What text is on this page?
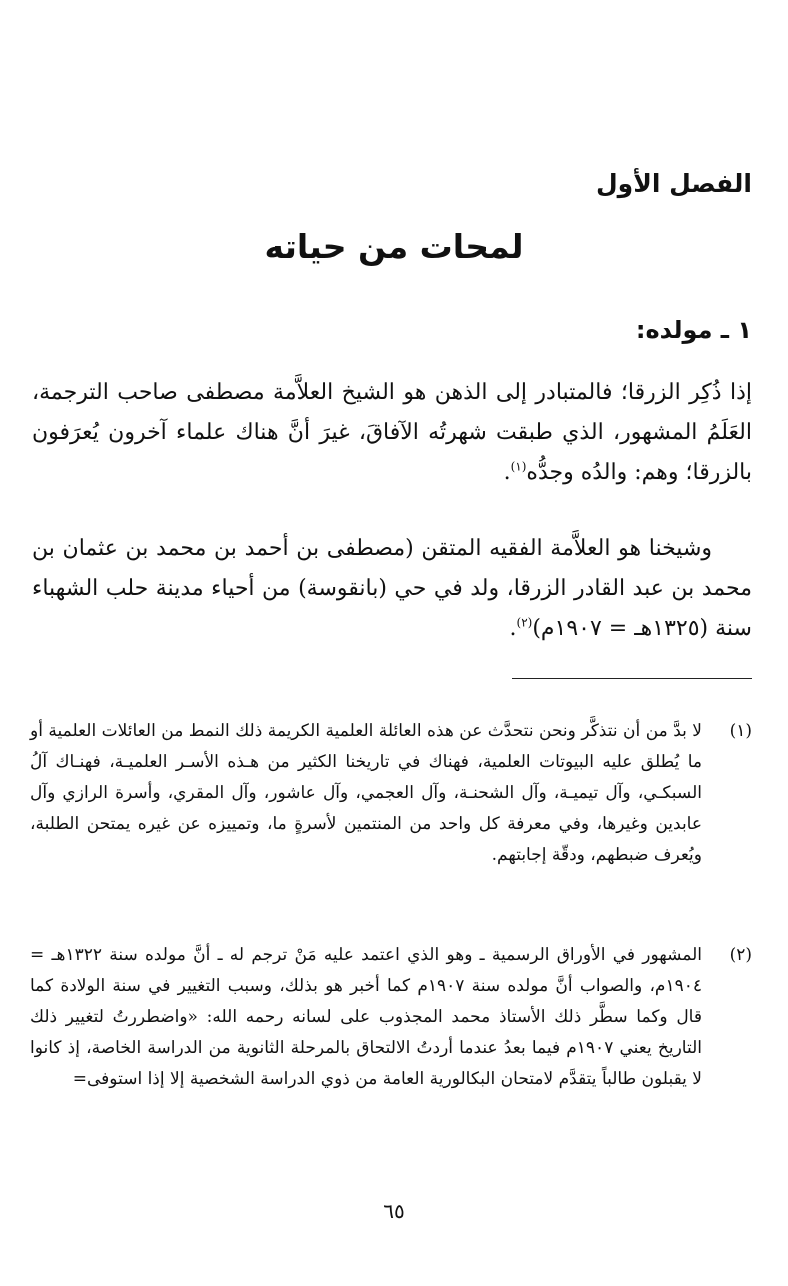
الفصل الأول
لمحات من حياته
١ ـ مولده:

إذا ذُكِر الزرقا؛ فالمتبادر إلى الذهن هو الشيخ العلاَّمة مصطفى صاحب الترجمة، العَلَمُ المشهور، الذي طبقت شهرتُه الآفاقَ، غيرَ أنَّ هناك علماء آخرون يُعرَفون بالزرقا؛ وهم: والدُه وجدُّه$^{(١)}$.

وشيخنا هو العلاَّمة الفقيه المتقن (مصطفى بن أحمد بن محمد بن عثمان بن محمد بن عبد القادر الزرقا، ولد في حي (بانقوسة) من أحياء مدينة حلب الشهباء سنة (١٣٢٥هـ = ١٩٠٧م)$^{(٢)}$.

(١)
لا بدَّ من أن نتذكَّر ونحن نتحدَّث عن هذه العائلة العلمية الكريمة ذلك النمط من العائلات العلمية أو ما يُطلق عليه البيوتات العلمية، فهناك في تاريخنا الكثير من هـذه الأسـر العلميـة، فهنـاك آلُ السبكـي، وآل تيميـة، وآل الشحنـة، وآل العجمي، وآل عاشور، وآل المقري، وأسرة الرازي وآل عابدين وغيرها، وفي معرفة كل واحد من المنتمين لأسرةٍ ما، وتمييزه عن غيره يمتحن الطلبة، ويُعرف ضبطهم، ودقّة إجابتهم.

(٢)
المشهور في الأوراق الرسمية ـ وهو الذي اعتمد عليه مَنْ ترجم له ـ أنَّ مولده سنة ١٣٢٢هـ = ١٩٠٤م، والصواب أنَّ مولده سنة ١٩٠٧م كما أخبر هو بذلك، وسبب التغيير في سنة الولادة كما قال وكما سطَّر ذلك الأستاذ محمد المجذوب على لسانه رحمه الله: «واضطررتُ لتغيير ذلك التاريخ يعني ١٩٠٧م فيما بعدُ عندما أردتُ الالتحاق بالمرحلة الثانوية من الدراسة الخاصة، إذ كانوا لا يقبلون طالباً يتقدَّم لامتحان البكالورية العامة من ذوي الدراسة الشخصية إلا إذا استوفى=

٦٥
